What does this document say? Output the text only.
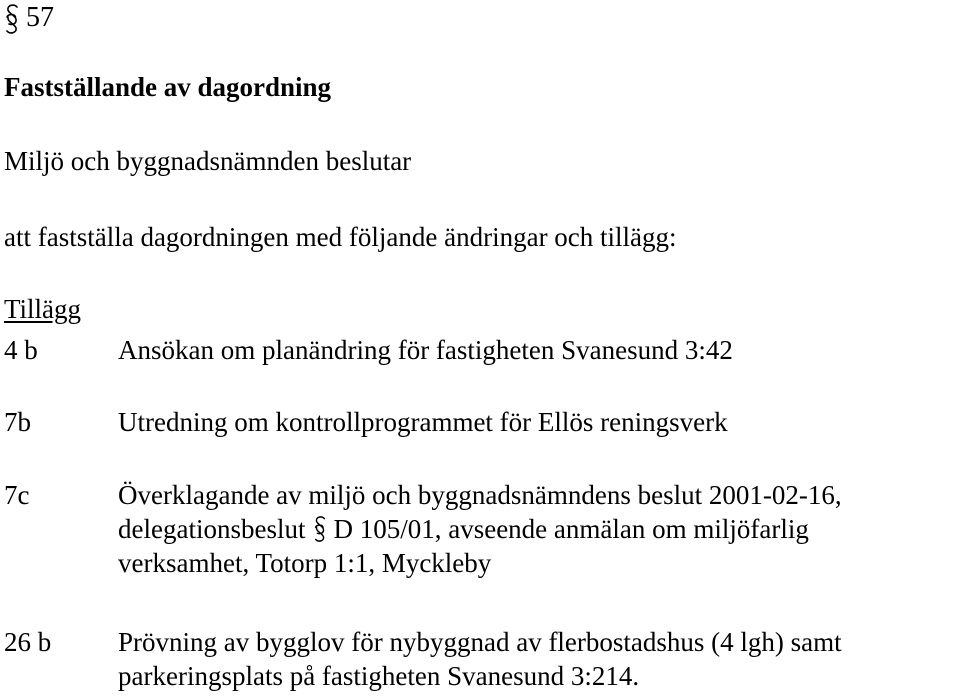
57
Fastställande av dagordning

Miljö och byggnadsnämnden beslutar

att fastställa dagordningen med följande ändringar och tillägg:

Tillägg

4 b	Ansökan om planändring för fastigheten Svanesund 3:42
7b	Utredning om kontrollprogrammet för Ellös reningsverk
7c	Överklagande av miljö och byggnadsnämndens beslut 2001-02-16,
delegationsbeslut D 105/01, avseende anmälan om miljöfarlig
verksamhet, Totorp 1:1, Myckleby
26 b Prövning av bygglov för nybyggnad av flerbostadshus (4 lgh) samt
parkeringsplats på fastigheten Svanesund 3:214.
